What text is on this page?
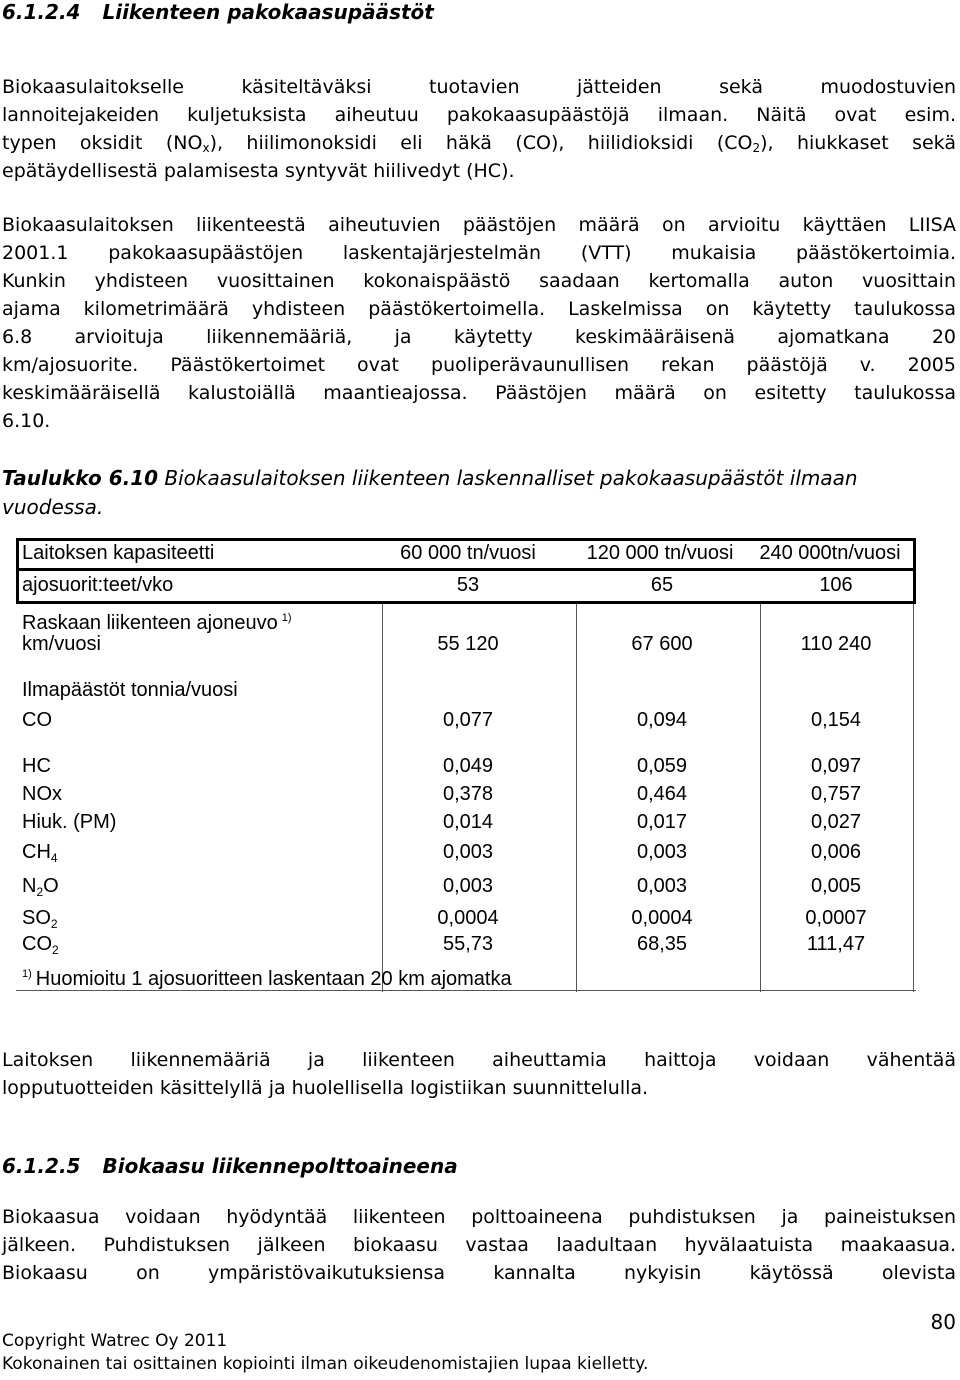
6.1.2.4 Liikenteen pakokaasupäästöt
Biokaasulaitokselle käsiteltäväksi tuotavien jätteiden sekä muodostuvien
lannoitejakeiden kuljetuksista aiheutuu pakokaasupäästöjä ilmaan. Näitä ovat esim.
typen oksidit $(NO_x)$, hiilimonoksidi eli häkä (CO), hiilidioksidi $(CO_2)$, hiukkaset sekä
epätäydellisestä palamisesta syntyvät hiilivedyt (HC).
Biokaasulaitoksen liikenteestä aiheutuvien päästöjen määrä on arvioitu käyttäen LIISA
2001.1 pakokaasupäästöjen laskentajärjestelmän (VTT) mukaisia päästökertoimia.
Kunkin yhdisteen vuosittainen kokonaispäästö saadaan kertomalla auton vuosittain
ajama kilometrimäärä yhdisteen päästökertoimella. Laskelmissa on käytetty taulukossa
6.8 arvioituja liikennemääriä, ja käytetty keskimääräisenä ajomatkana 20
km/ajosuorite. Päästökertoimet ovat puoliperävaunullisen rekan päästöjä v. 2005
keskimääräisellä kalustoiällä maantieajossa. Päästöjen määrä on esitetty taulukossa
6.10.
Taulukko 6.10 Biokaasulaitoksen liikenteen laskennalliset pakokaasupäästöt ilmaan
vuodessa.
Laitoksen kapasiteetti	60 000 tn/vuosi	120 000 tn/vuosi	240 000tn/vuosi
ajosuorit:teet/vko	53	65	106
Raskaan liikenteen ajoneuvo $^{1)}$
km/vuosi	55 120	67 600	110 240
Ilmapäästöt tonnia/vuosi
CO	0,077	0,094	0,154
HC	0,049	0,059	0,097
NOx	0,378	0,464	0,757
Hiuk. (PM)	0,014	0,017	0,027
$CH_4$	0,003	0,003	0,006
$N_2O$	0,003	0,003	0,005
$SO_2$	0,0004	0,0004	0,0007
$CO_2$	55,73	68,35	111,47
$^{1)}$ Huomioitu 1 ajosuoritteen laskentaan 20 km ajomatka
Laitoksen liikennemääriä ja liikenteen aiheuttamia haittoja voidaan vähentää
lopputuotteiden käsittelyllä ja huolellisella logistiikan suunnittelulla.
6.1.2.5 Biokaasu liikennepolttoaineena
Biokaasua voidaan hyödyntää liikenteen polttoaineena puhdistuksen ja paineistuksen
jälkeen. Puhdistuksen jälkeen biokaasu vastaa laadultaan hyvälaatuista maakaasua.
Biokaasu on ympäristövaikutuksiensa kannalta nykyisin käytössä olevista
80
Copyright Watrec Oy 2011
Kokonainen tai osittainen kopiointi ilman oikeudenomistajien lupaa kielletty.
